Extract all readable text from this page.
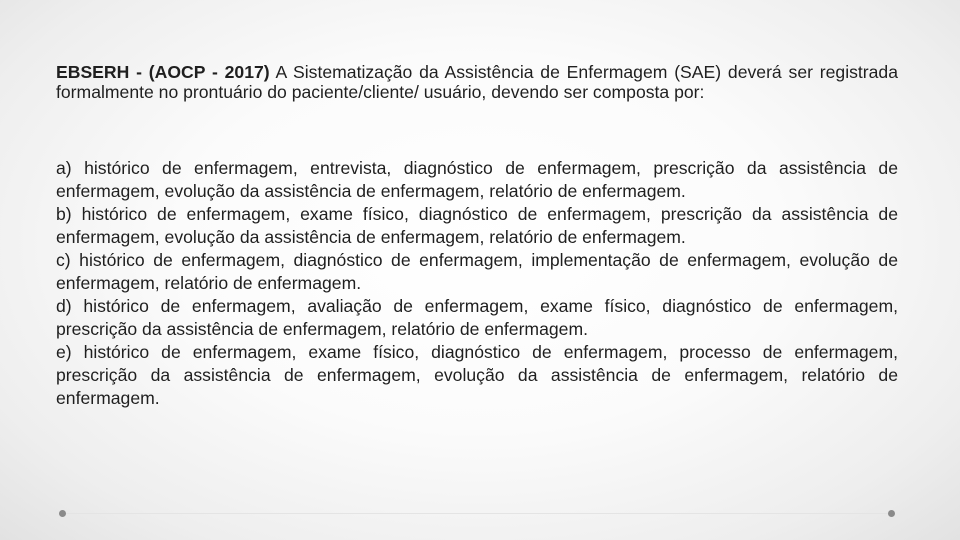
EBSERH - (AOCP - 2017) A Sistematização da Assistência de Enfermagem (SAE) deverá ser registrada formalmente no prontuário do paciente/cliente/ usuário, devendo ser composta por:

a) histórico de enfermagem, entrevista, diagnóstico de enfermagem, prescrição da assistência de enfermagem, evolução da assistência de enfermagem, relatório de enfermagem.
b) histórico de enfermagem, exame físico, diagnóstico de enfermagem, prescrição da assistência de enfermagem, evolução da assistência de enfermagem, relatório de enfermagem.
c) histórico de enfermagem, diagnóstico de enfermagem, implementação de enfermagem, evolução de enfermagem, relatório de enfermagem.
d) histórico de enfermagem, avaliação de enfermagem, exame físico, diagnóstico de enfermagem, prescrição da assistência de enfermagem, relatório de enfermagem.
e) histórico de enfermagem, exame físico, diagnóstico de enfermagem, processo de enfermagem, prescrição da assistência de enfermagem, evolução da assistência de enfermagem, relatório de enfermagem.
